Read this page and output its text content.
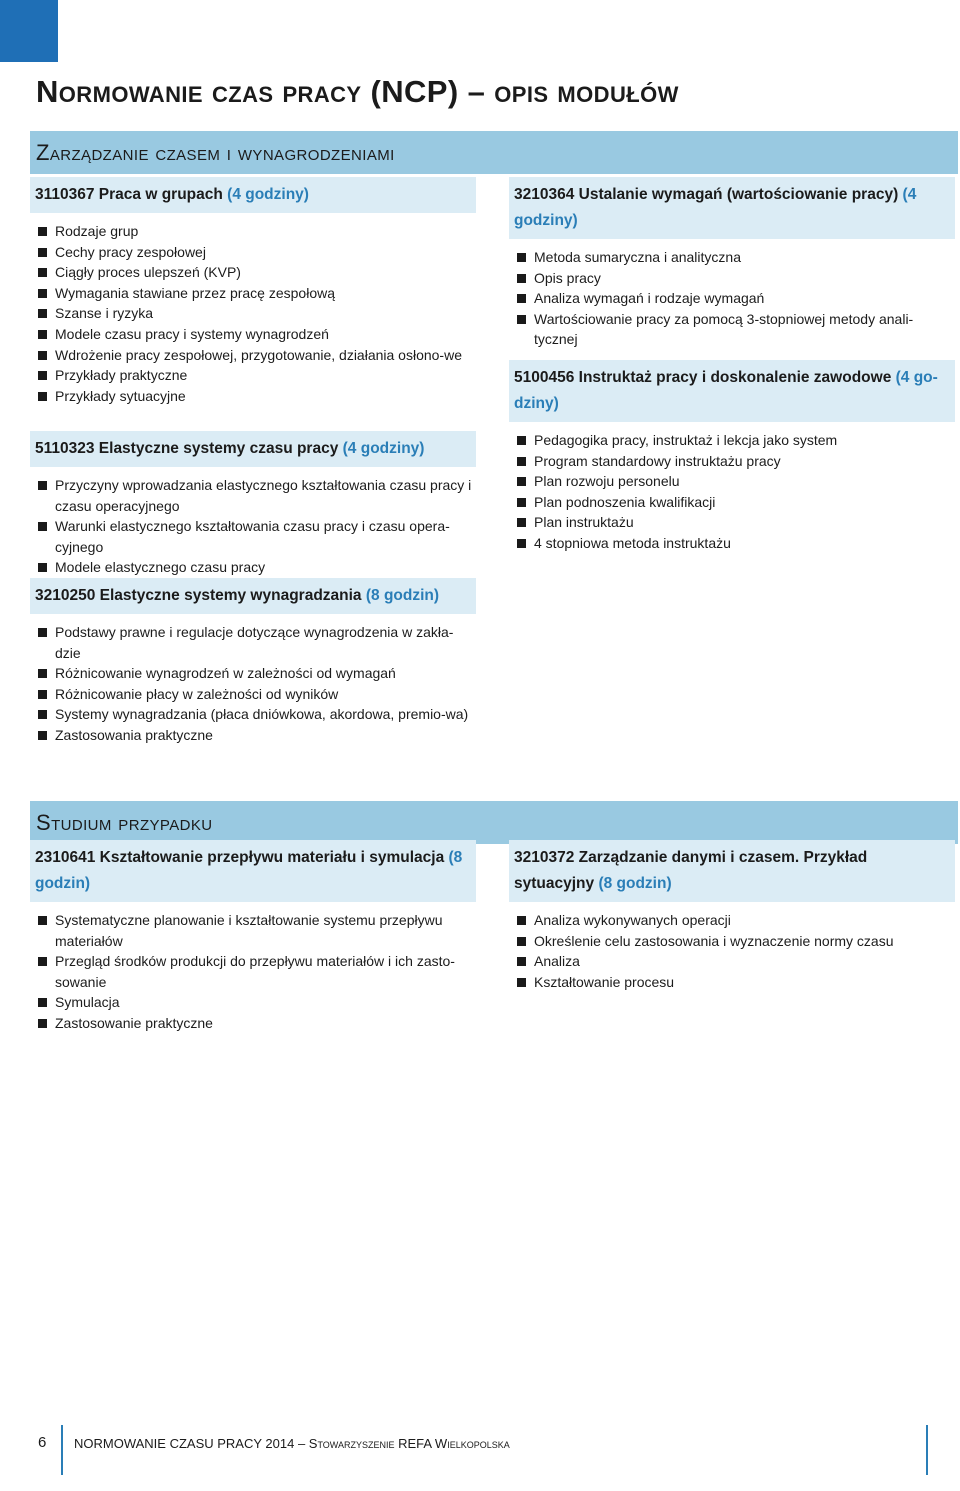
Normowanie czas pracy (NCP) – opis modułów
Zarządzanie czasem i wynagrodzeniami
3110367 Praca w grupach (4 godziny)
Rodzaje grup
Cechy pracy zespołowej
Ciągły proces ulepszeń (KVP)
Wymagania stawiane przez pracę zespołową
Szanse i ryzyka
Modele czasu pracy i systemy wynagrodzeń
Wdrożenie pracy zespołowej, przygotowanie, działania osłono-we
Przykłady praktyczne
Przykłady sytuacyjne
5110323 Elastyczne systemy czasu pracy (4 godziny)
Przyczyny wprowadzania elastycznego kształtowania czasu pracy i czasu operacyjnego
Warunki elastycznego kształtowania czasu pracy i czasu opera-cyjnego
Modele elastycznego czasu pracy
3210250 Elastyczne systemy wynagradzania (8 godzin)
Podstawy prawne i regulacje dotyczące wynagrodzenia w zakła-dzie
Różnicowanie wynagrodzeń w zależności od wymagań
Różnicowanie płacy w zależności od wyników
Systemy wynagradzania (płaca dniówkowa, akordowa, premio-wa)
Zastosowania praktyczne
3210364 Ustalanie wymagań (wartościowanie pracy) (4 godziny)
Metoda sumaryczna i analityczna
Opis pracy
Analiza wymagań i rodzaje wymagań
Wartościowanie pracy za pomocą 3-stopniowej metody anali-tycznej
5100456 Instruktaż pracy i doskonalenie zawodowe (4 go-dziny)
Pedagogika pracy, instruktaż i lekcja jako system
Program standardowy instruktażu pracy
Plan rozwoju personelu
Plan podnoszenia kwalifikacji
Plan instruktażu
4 stopniowa metoda instruktażu
Studium przypadku
2310641 Kształtowanie przepływu materiału i symulacja (8 godzin)
Systematyczne planowanie i kształtowanie systemu przepływu materiałów
Przegląd środków produkcji do przepływu materiałów i ich zasto-sowanie
Symulacja
Zastosowanie praktyczne
3210372 Zarządzanie danymi i czasem. Przykład sytuacyjny (8 godzin)
Analiza wykonywanych operacji
Określenie celu zastosowania i wyznaczenie normy czasu
Analiza
Kształtowanie procesu
6 NORMOWANIE CZASU PRACY 2014 – Stowarzyszenie REFA Wielkopolska
